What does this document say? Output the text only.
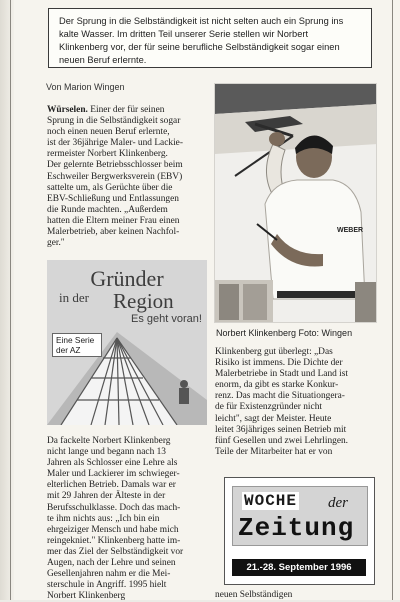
Der Sprung in die Selbständigkeit ist nicht selten auch ein Sprung ins
kalte Wasser. Im dritten Teil unserer Serie stellen wir Norbert
Klinkenberg vor, der für seine berufliche Selbständigkeit sogar einen
neuen Beruf erlernte.
Von Marion Wingen

Würselen. Einer der für seinen

Sprung in die Selbständigkeit sogar

noch einen neuen Beruf erlernte,

ist der 36jährige Maler- und Lackie-

rermeister Norbert Klinkenberg.

Der gelernte Betriebsschlosser beim

Eschweiler Bergwerksverein (EBV)

sattelte um, als Gerüchte über die

EBV-Schließung und Entlassungen

die Runde machten. „Außerdem

hatten die Eltern meiner Frau einen

Malerbetrieb, aber keinen Nachfol-

ger."

Gründer
in der Region
Es geht voran!
Eine Serie
der AZ

Da fackelte Norbert Klinkenberg

nicht lange und begann nach 13

Jahren als Schlosser eine Lehre als

Maler und Lackierer im schwieger-

elterlichen Betrieb. Damals war er

mit 29 Jahren der Älteste in der

Berufsschulklasse. Doch das mach-

te ihm nichts aus: „Ich bin ein

ehrgeiziger Mensch und habe mich

reingekniet." Klinkenberg hatte im-

mer das Ziel der Selbständigkeit vor

Augen, nach der Lehre und seinen

Gesellenjahren nahm er die Mei-

sterschule in Angriff. 1995 hielt

Norbert Klinkenberg

WEBER
Norbert Klinkenberg Foto: Wingen

Klinkenberg gut überlegt: „Das

Risiko ist immens. Die Dichte der

Malerbetriebe in Stadt und Land ist

enorm, da gibt es starke Konkur-

renz. Das macht die Situationgera-

de für Existenzgründer nicht

leicht", sagt der Meister. Heute

leitet 36jähriges seinen Betrieb mit

fünf Gesellen und zwei Lehrlingen.

Teile der Mitarbeiter hat er von

WOCHE der
Zeitung
21.-28. September 1996

neuen Selbständigen
